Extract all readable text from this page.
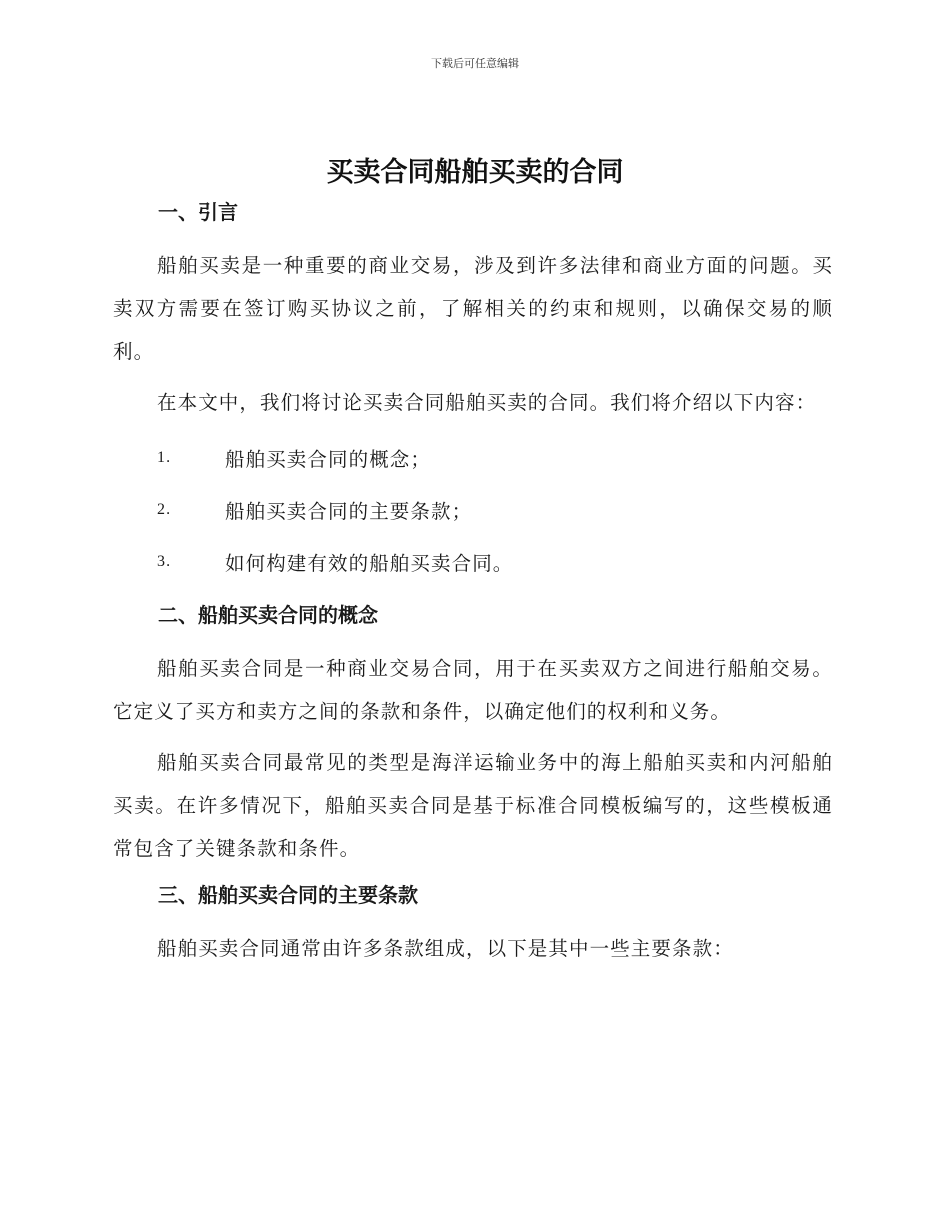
下载后可任意编辑
买卖合同船舶买卖的合同
一、引言

船舶买卖是一种重要的商业交易，涉及到许多法律和商业方面的问题。买卖双方需要在签订购买协议之前，了解相关的约束和规则，以确保交易的顺利。

在本文中，我们将讨论买卖合同船舶买卖的合同。我们将介绍以下内容：

1.	船舶买卖合同的概念；
2.	船舶买卖合同的主要条款；
3.	如何构建有效的船舶买卖合同。
二、船舶买卖合同的概念

船舶买卖合同是一种商业交易合同，用于在买卖双方之间进行船舶交易。它定义了买方和卖方之间的条款和条件，以确定他们的权利和义务。

船舶买卖合同最常见的类型是海洋运输业务中的海上船舶买卖和内河船舶买卖。在许多情况下，船舶买卖合同是基于标准合同模板编写的，这些模板通常包含了关键条款和条件。

三、船舶买卖合同的主要条款

船舶买卖合同通常由许多条款组成，以下是其中一些主要条款：
